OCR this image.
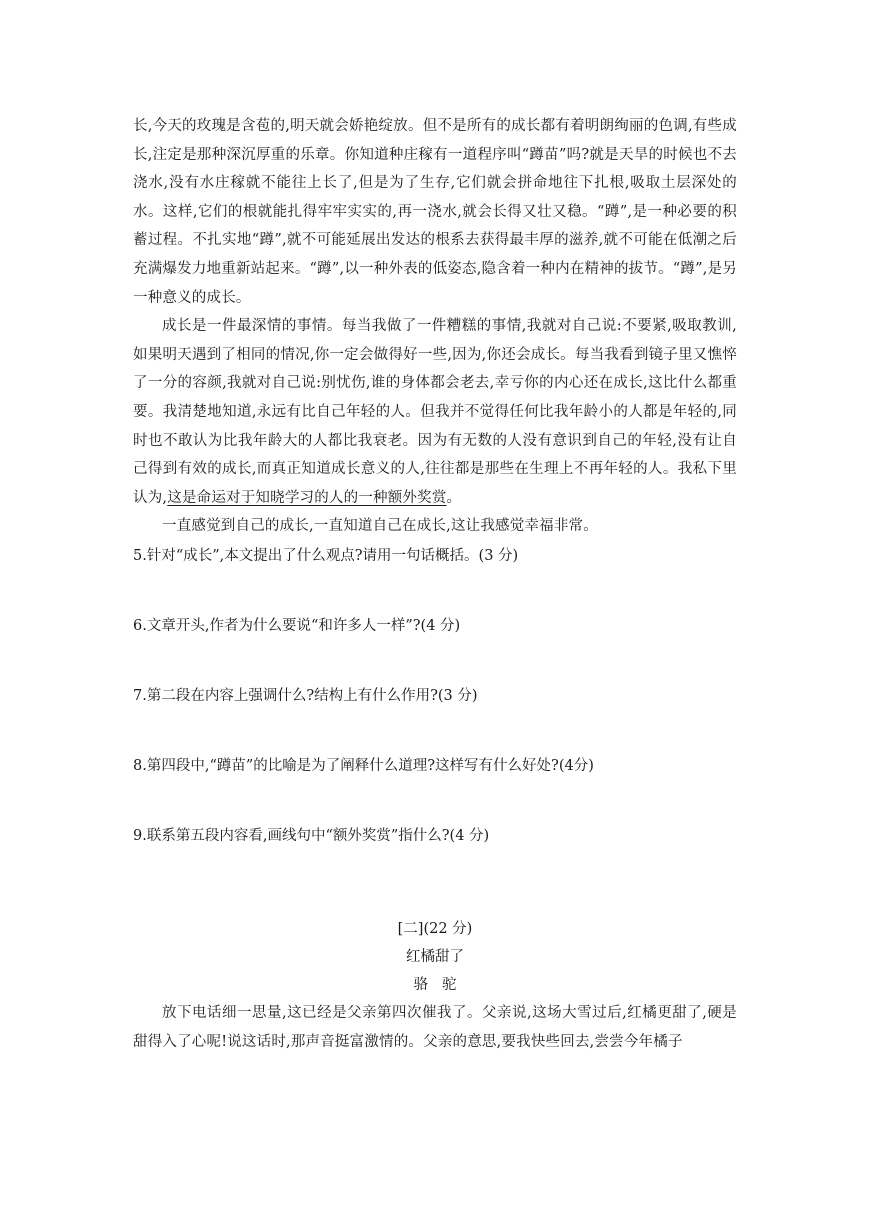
长,今天的玫瑰是含苞的,明天就会娇艳绽放。但不是所有的成长都有着明朗绚丽的色调,有些成长,注定是那种深沉厚重的乐章。你知道种庄稼有一道程序叫“蹲苗”吗?就是天旱的时候也不去浇水,没有水庄稼就不能往上长了,但是为了生存,它们就会拼命地往下扎根,吸取土层深处的水。这样,它们的根就能扎得牢牢实实的,再一浇水,就会长得又壮又稳。“蹲”,是一种必要的积蓄过程。不扎实地“蹲”,就不可能延展出发达的根系去获得最丰厚的滋养,就不可能在低潮之后充满爆发力地重新站起来。“蹲”,以一种外表的低姿态,隐含着一种内在精神的拔节。“蹲”,是另一种意义的成长。

成长是一件最深情的事情。每当我做了一件糟糕的事情,我就对自己说:不要紧,吸取教训,如果明天遇到了相同的情况,你一定会做得好一些,因为,你还会成长。每当我看到镜子里又憔悴了一分的容颜,我就对自己说:别忧伤,谁的身体都会老去,幸亏你的内心还在成长,这比什么都重要。我清楚地知道,永远有比自己年轻的人。但我并不觉得任何比我年龄小的人都是年轻的,同时也不敢认为比我年龄大的人都比我衰老。因为有无数的人没有意识到自己的年轻,没有让自己得到有效的成长,而真正知道成长意义的人,往往都是那些在生理上不再年轻的人。我私下里认为,这是命运对于知晓学习的人的一种额外奖赏。

一直感觉到自己的成长,一直知道自己在成长,这让我感觉幸福非常。

5.针对“成长”,本文提出了什么观点?请用一句话概括。(3 分)

6.文章开头,作者为什么要说“和许多人一样”?(4 分)

7.第二段在内容上强调什么?结构上有什么作用?(3 分)

8.第四段中,“蹲苗”的比喻是为了阐释什么道理?这样写有什么好处?(4分)

9.联系第五段内容看,画线句中“额外奖赏”指什么?(4 分)

[二](22 分)

红橘甜了

骆驼

放下电话细一思量,这已经是父亲第四次催我了。父亲说,这场大雪过后,红橘更甜了,硬是甜得入了心呢!说这话时,那声音挺富激情的。父亲的意思,要我快些回去,尝尝今年橘子
